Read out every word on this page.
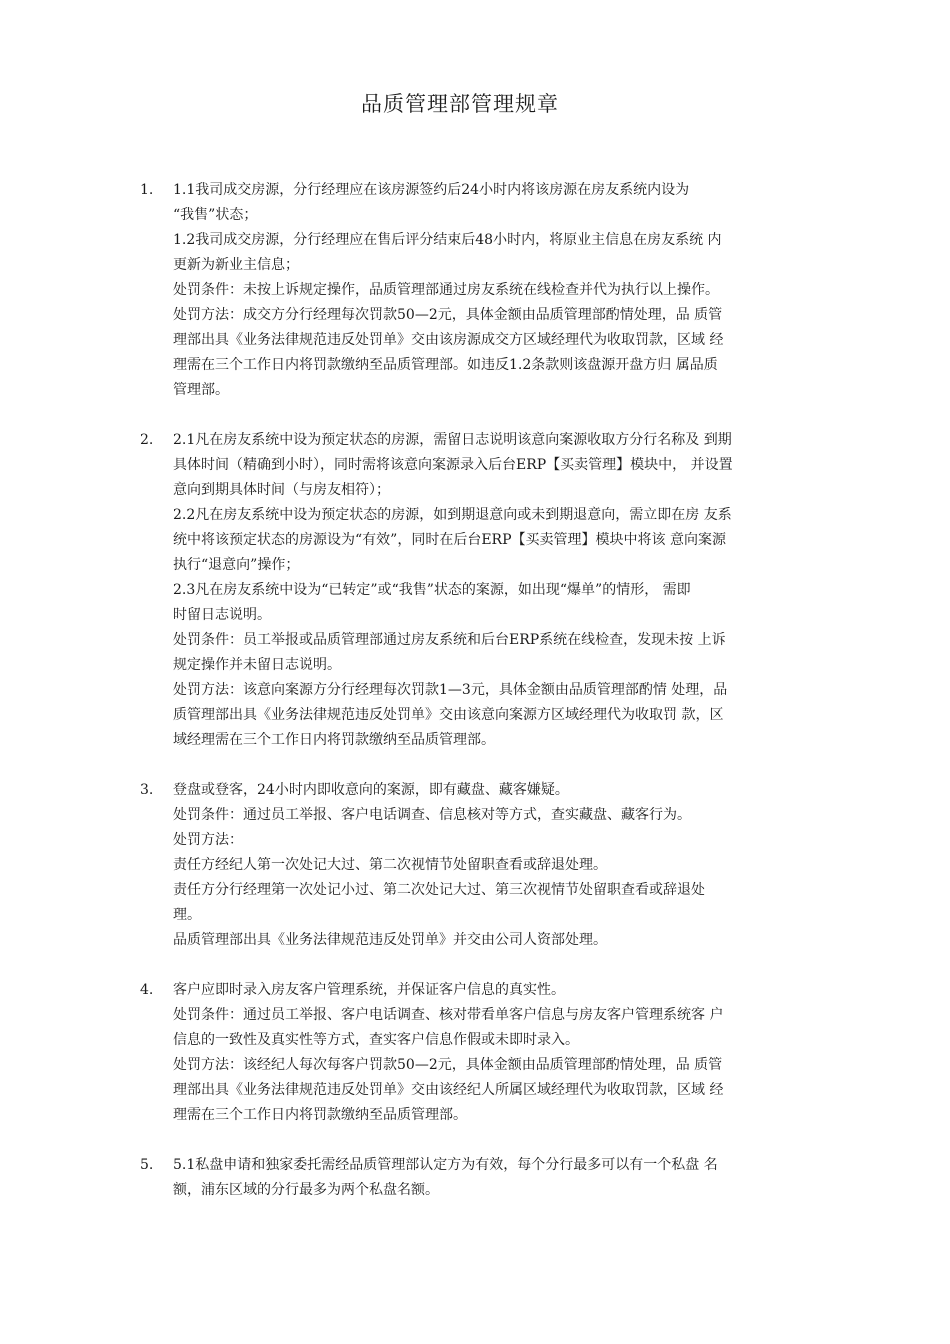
品质管理部管理规章
1. 1.1我司成交房源，分行经理应在该房源签约后24小时内将该房源在房友系统内设为
“我售”状态；
1.2我司成交房源，分行经理应在售后评分结束后48小时内，将原业主信息在房友系统 内
更新为新业主信息；
处罚条件：未按上诉规定操作，品质管理部通过房友系统在线检查并代为执行以上操作。
处罚方法：成交方分行经理每次罚款50—2元，具体金额由品质管理部酌情处理，品 质管
理部出具《业务法律规范违反处罚单》交由该房源成交方区域经理代为收取罚款，区域 经
理需在三个工作日内将罚款缴纳至品质管理部。如违反1.2条款则该盘源开盘方归 属品质
管理部。
2. 2.1凡在房友系统中设为预定状态的房源，需留日志说明该意向案源收取方分行名称及 到期
具体时间（精确到小时），同时需将该意向案源录入后台ERP【买卖管理】模块中， 并设置
意向到期具体时间（与房友相符）；
2.2凡在房友系统中设为预定状态的房源，如到期退意向或未到期退意向，需立即在房 友系
统中将该预定状态的房源设为“有效”，同时在后台ERP【买卖管理】模块中将该 意向案源
执行“退意向”操作；
2.3凡在房友系统中设为“已转定”或“我售”状态的案源，如出现“爆单”的情形， 需即
时留日志说明。
处罚条件：员工举报或品质管理部通过房友系统和后台ERP系统在线检查，发现未按 上诉
规定操作并未留日志说明。
处罚方法：该意向案源方分行经理每次罚款1—3元，具体金额由品质管理部酌情 处理，品
质管理部出具《业务法律规范违反处罚单》交由该意向案源方区域经理代为收取罚 款，区
域经理需在三个工作日内将罚款缴纳至品质管理部。
3. 登盘或登客，24小时内即收意向的案源，即有藏盘、藏客嫌疑。
处罚条件：通过员工举报、客户电话调查、信息核对等方式，查实藏盘、藏客行为。
处罚方法：
责任方经纪人第一次处记大过、第二次视情节处留职查看或辞退处理。
责任方分行经理第一次处记小过、第二次处记大过、第三次视情节处留职查看或辞退处
理。
品质管理部出具《业务法律规范违反处罚单》并交由公司人资部处理。
4. 客户应即时录入房友客户管理系统，并保证客户信息的真实性。
处罚条件：通过员工举报、客户电话调查、核对带看单客户信息与房友客户管理系统客 户
信息的一致性及真实性等方式，查实客户信息作假或未即时录入。
处罚方法：该经纪人每次每客户罚款50—2元，具体金额由品质管理部酌情处理，品 质管
理部出具《业务法律规范违反处罚单》交由该经纪人所属区域经理代为收取罚款，区域 经
理需在三个工作日内将罚款缴纳至品质管理部。
5. 5.1私盘申请和独家委托需经品质管理部认定方为有效，每个分行最多可以有一个私盘 名
额，浦东区域的分行最多为两个私盘名额。
